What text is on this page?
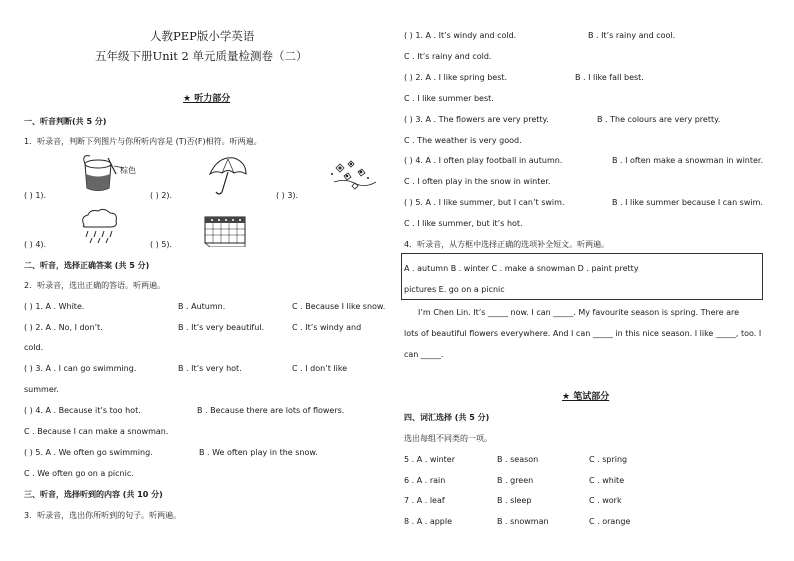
人教PEP版小学英语
五年级下册Unit 2 单元质量检测卷（二）
★ 听力部分
一、听音判断(共 5 分)
1．听录音，判断下列图片与你所听内容是 (T)否(F)相符。听两遍。
棕色
( ) 1).	( ) 2).	( ) 3).
( ) 4).	( ) 5).
二、听音，选择正确答案 (共 5 分)
2．听录音，选出正确的答语。听两遍。
( ) 1. A . White.	B . Autumn.	C . Because I like snow.
( ) 2. A . No, I don’t.	B . It’s very beautiful.	C . It’s windy and
cold.
( ) 3. A . I can go swimming.	B . It’s very hot.	C . I don’t like
summer.
( ) 4. A . Because it’s too hot.	B . Because there are lots of flowers.
C . Because I can make a snowman.
( ) 5. A . We often go swimming.	B . We often play in the snow.
C . We often go on a picnic.
三、听音，选择听到的内容 (共 10 分)
3．听录音，选出你所听到的句子。听两遍。
( ) 1. A . It’s windy and cold.	B . It’s rainy and cool.
C . It’s rainy and cold.
( ) 2. A . I like spring best.	B . I like fall best.
C . I like summer best.
( ) 3. A . The flowers are very pretty.	B . The colours are very pretty.
C . The weather is very good.
( ) 4. A . I often play football in autumn.	B . I often make a snowman in winter.
C . I often play in the snow in winter.
( ) 5. A . I like summer, but I can’t swim.	B . I like summer because I can swim.
C . I like summer, but it’s hot.
4．听录音，从方框中选择正确的选项补全短文。听两遍。
A . autumn B . winter C . make a snowman D . paint pretty
pictures E. go on a picnic
I’m Chen Lin. It’s _____ now. I can _____. My favourite season is spring. There are
lots of beautiful flowers everywhere. And I can _____ in this nice season. I like _____, too. I
can _____.
★ 笔试部分
四、词汇选择 (共 5 分)
选出每组不同类的一项。
5 . A . winter	B . season	C . spring
6 . A . rain	B . green	C . white
7 . A . leaf	B . sleep	C . work
8 . A . apple	B . snowman	C . orange
